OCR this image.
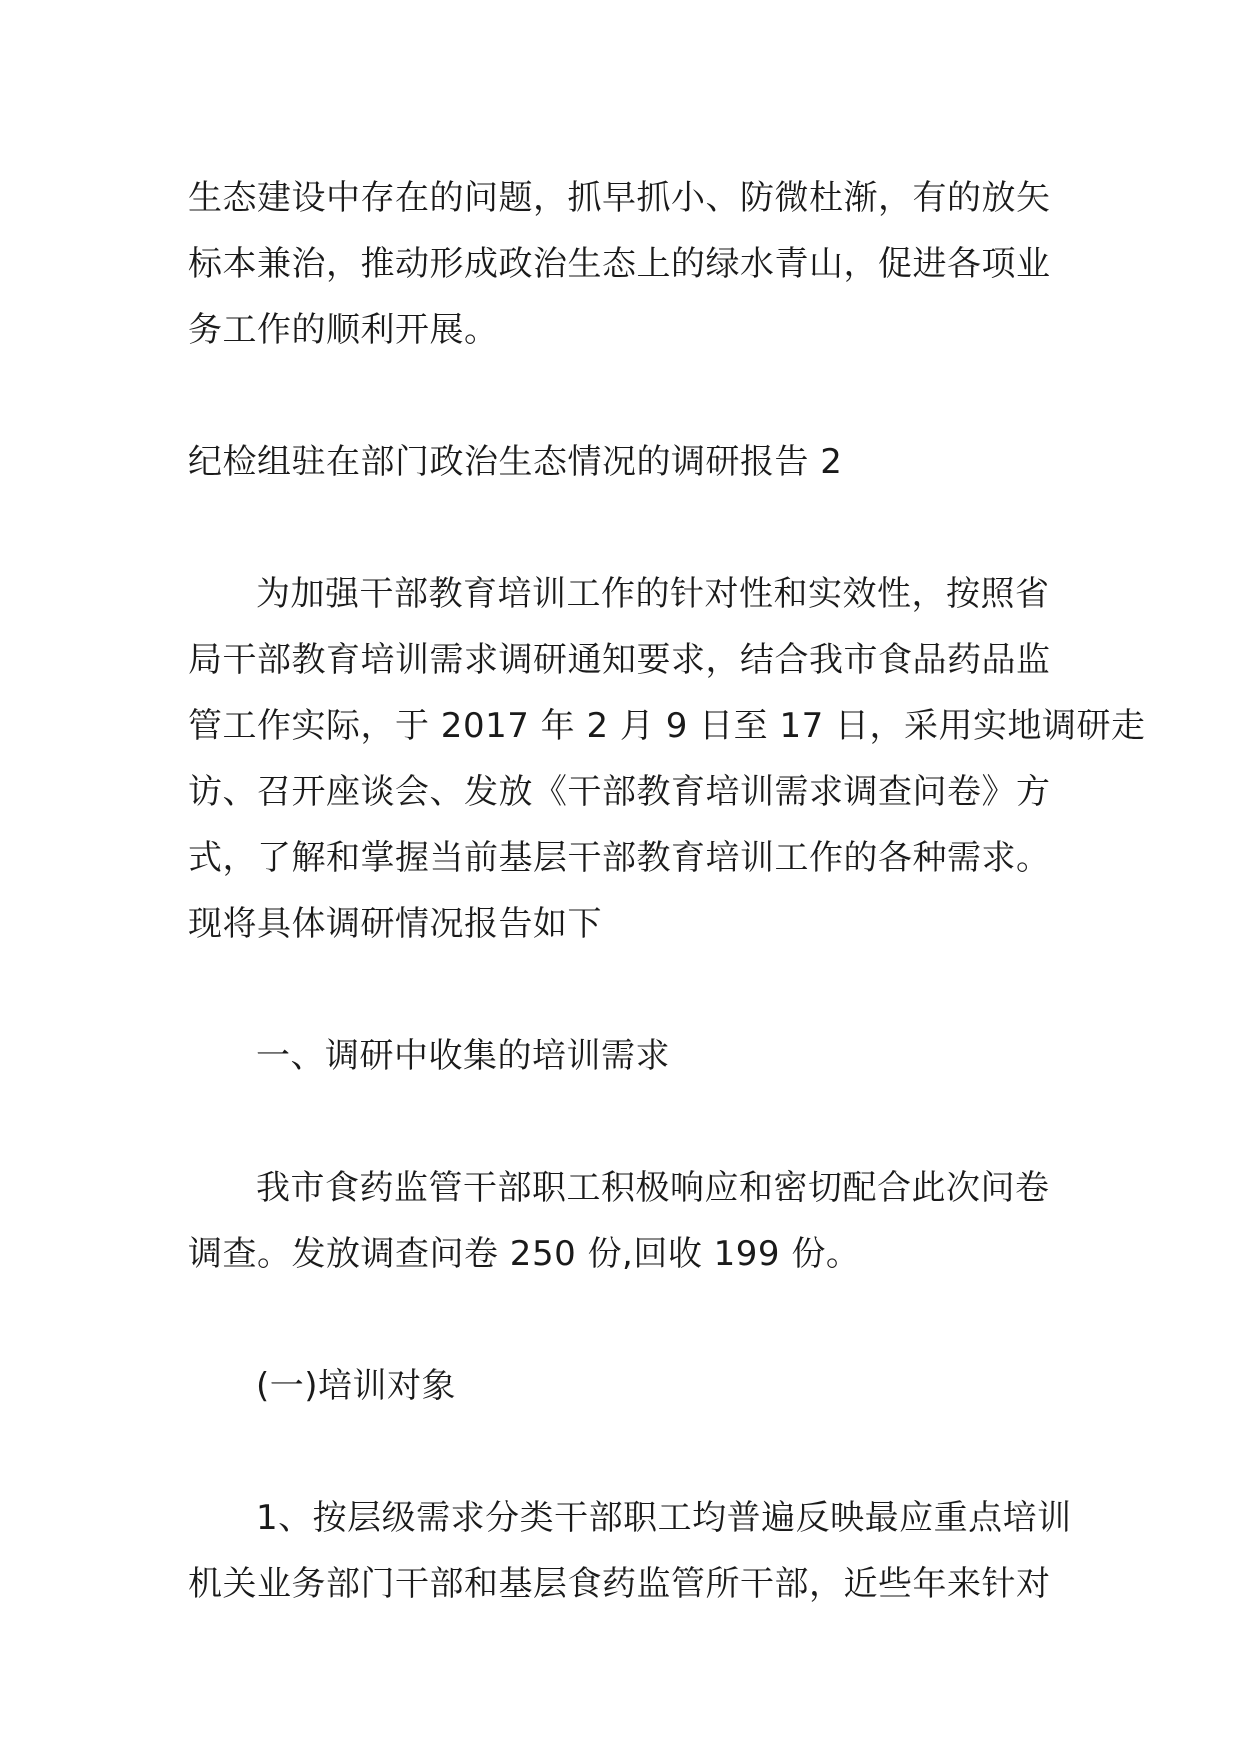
生态建设中存在的问题，抓早抓小、防微杜渐，有的放矢
标本兼治，推动形成政治生态上的绿水青山，促进各项业
务工作的顺利开展。
纪检组驻在部门政治生态情况的调研报告 2
为加强干部教育培训工作的针对性和实效性，按照省
局干部教育培训需求调研通知要求，结合我市食品药品监
管工作实际，于 2017 年 2 月 9 日至 17 日，采用实地调研走
访、召开座谈会、发放《干部教育培训需求调查问卷》方
式，了解和掌握当前基层干部教育培训工作的各种需求。
现将具体调研情况报告如下
一、调研中收集的培训需求
我市食药监管干部职工积极响应和密切配合此次问卷
调查。发放调查问卷 250 份,回收 199 份。
(一)培训对象
1、按层级需求分类干部职工均普遍反映最应重点培训
机关业务部门干部和基层食药监管所干部，近些年来针对
